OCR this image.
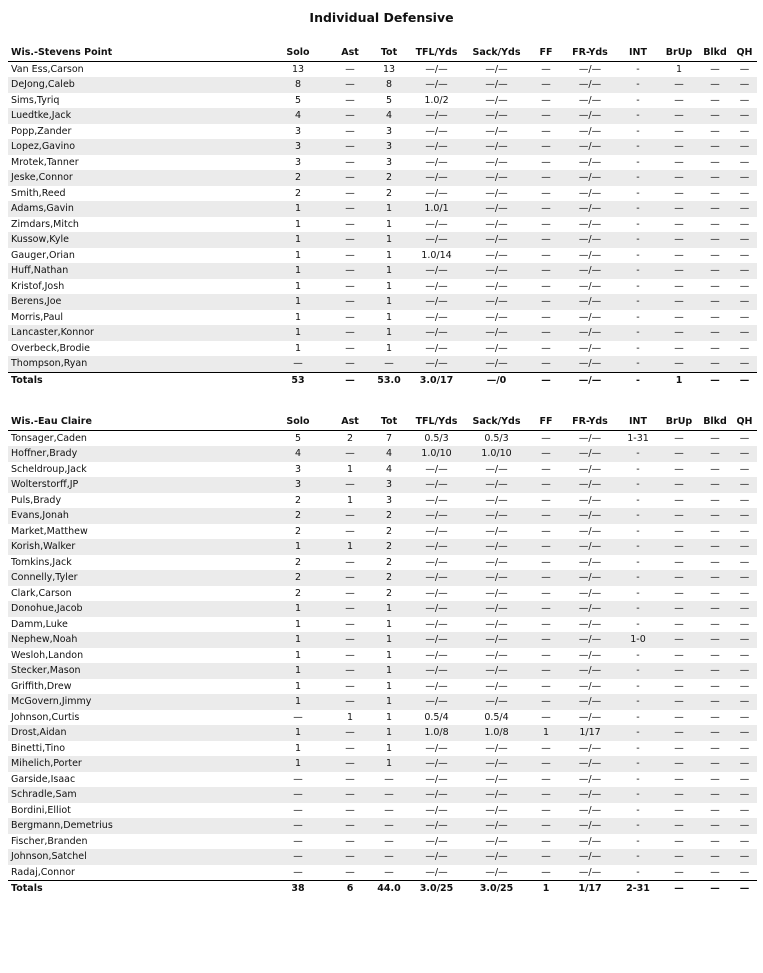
Individual Defensive
Wis.-Stevens Point	Solo	Ast	Tot	TFL/Yds	Sack/Yds	FF	FR-Yds	INT	BrUp	Blkd	QH
Van Ess,Carson	13	—	13	—/—	—/—	—	—/—	-	1	—	—
DeJong,Caleb	8	—	8	—/—	—/—	—	—/—	-	—	—	—
Sims,Tyriq	5	—	5	1.0/2	—/—	—	—/—	-	—	—	—
Luedtke,Jack	4	—	4	—/—	—/—	—	—/—	-	—	—	—
Popp,Zander	3	—	3	—/—	—/—	—	—/—	-	—	—	—
Lopez,Gavino	3	—	3	—/—	—/—	—	—/—	-	—	—	—
Mrotek,Tanner	3	—	3	—/—	—/—	—	—/—	-	—	—	—
Jeske,Connor	2	—	2	—/—	—/—	—	—/—	-	—	—	—
Smith,Reed	2	—	2	—/—	—/—	—	—/—	-	—	—	—
Adams,Gavin	1	—	1	1.0/1	—/—	—	—/—	-	—	—	—
Zimdars,Mitch	1	—	1	—/—	—/—	—	—/—	-	—	—	—
Kussow,Kyle	1	—	1	—/—	—/—	—	—/—	-	—	—	—
Gauger,Orian	1	—	1	1.0/14	—/—	—	—/—	-	—	—	—
Huff,Nathan	1	—	1	—/—	—/—	—	—/—	-	—	—	—
Kristof,Josh	1	—	1	—/—	—/—	—	—/—	-	—	—	—
Berens,Joe	1	—	1	—/—	—/—	—	—/—	-	—	—	—
Morris,Paul	1	—	1	—/—	—/—	—	—/—	-	—	—	—
Lancaster,Konnor	1	—	1	—/—	—/—	—	—/—	-	—	—	—
Overbeck,Brodie	1	—	1	—/—	—/—	—	—/—	-	—	—	—
Thompson,Ryan	—	—	—	—/—	—/—	—	—/—	-	—	—	—
Totals	53	—	53.0	3.0/17	—/0	—	—/—	-	1	—	—
Wis.-Eau Claire	Solo	Ast	Tot	TFL/Yds	Sack/Yds	FF	FR-Yds	INT	BrUp	Blkd	QH
Tonsager,Caden	5	2	7	0.5/3	0.5/3	—	—/—	1-31	—	—	—
Hoffner,Brady	4	—	4	1.0/10	1.0/10	—	—/—	-	—	—	—
Scheldroup,Jack	3	1	4	—/—	—/—	—	—/—	-	—	—	—
Wolterstorff,JP	3	—	3	—/—	—/—	—	—/—	-	—	—	—
Puls,Brady	2	1	3	—/—	—/—	—	—/—	-	—	—	—
Evans,Jonah	2	—	2	—/—	—/—	—	—/—	-	—	—	—
Market,Matthew	2	—	2	—/—	—/—	—	—/—	-	—	—	—
Korish,Walker	1	1	2	—/—	—/—	—	—/—	-	—	—	—
Tomkins,Jack	2	—	2	—/—	—/—	—	—/—	-	—	—	—
Connelly,Tyler	2	—	2	—/—	—/—	—	—/—	-	—	—	—
Clark,Carson	2	—	2	—/—	—/—	—	—/—	-	—	—	—
Donohue,Jacob	1	—	1	—/—	—/—	—	—/—	-	—	—	—
Damm,Luke	1	—	1	—/—	—/—	—	—/—	-	—	—	—
Nephew,Noah	1	—	1	—/—	—/—	—	—/—	1-0	—	—	—
Wesloh,Landon	1	—	1	—/—	—/—	—	—/—	-	—	—	—
Stecker,Mason	1	—	1	—/—	—/—	—	—/—	-	—	—	—
Griffith,Drew	1	—	1	—/—	—/—	—	—/—	-	—	—	—
McGovern,Jimmy	1	—	1	—/—	—/—	—	—/—	-	—	—	—
Johnson,Curtis	—	1	1	0.5/4	0.5/4	—	—/—	-	—	—	—
Drost,Aidan	1	—	1	1.0/8	1.0/8	1	1/17	-	—	—	—
Binetti,Tino	1	—	1	—/—	—/—	—	—/—	-	—	—	—
Mihelich,Porter	1	—	1	—/—	—/—	—	—/—	-	—	—	—
Garside,Isaac	—	—	—	—/—	—/—	—	—/—	-	—	—	—
Schradle,Sam	—	—	—	—/—	—/—	—	—/—	-	—	—	—
Bordini,Elliot	—	—	—	—/—	—/—	—	—/—	-	—	—	—
Bergmann,Demetrius	—	—	—	—/—	—/—	—	—/—	-	—	—	—
Fischer,Branden	—	—	—	—/—	—/—	—	—/—	-	—	—	—
Johnson,Satchel	—	—	—	—/—	—/—	—	—/—	-	—	—	—
Radaj,Connor	—	—	—	—/—	—/—	—	—/—	-	—	—	—
Totals	38	6	44.0	3.0/25	3.0/25	1	1/17	2-31	—	—	—
